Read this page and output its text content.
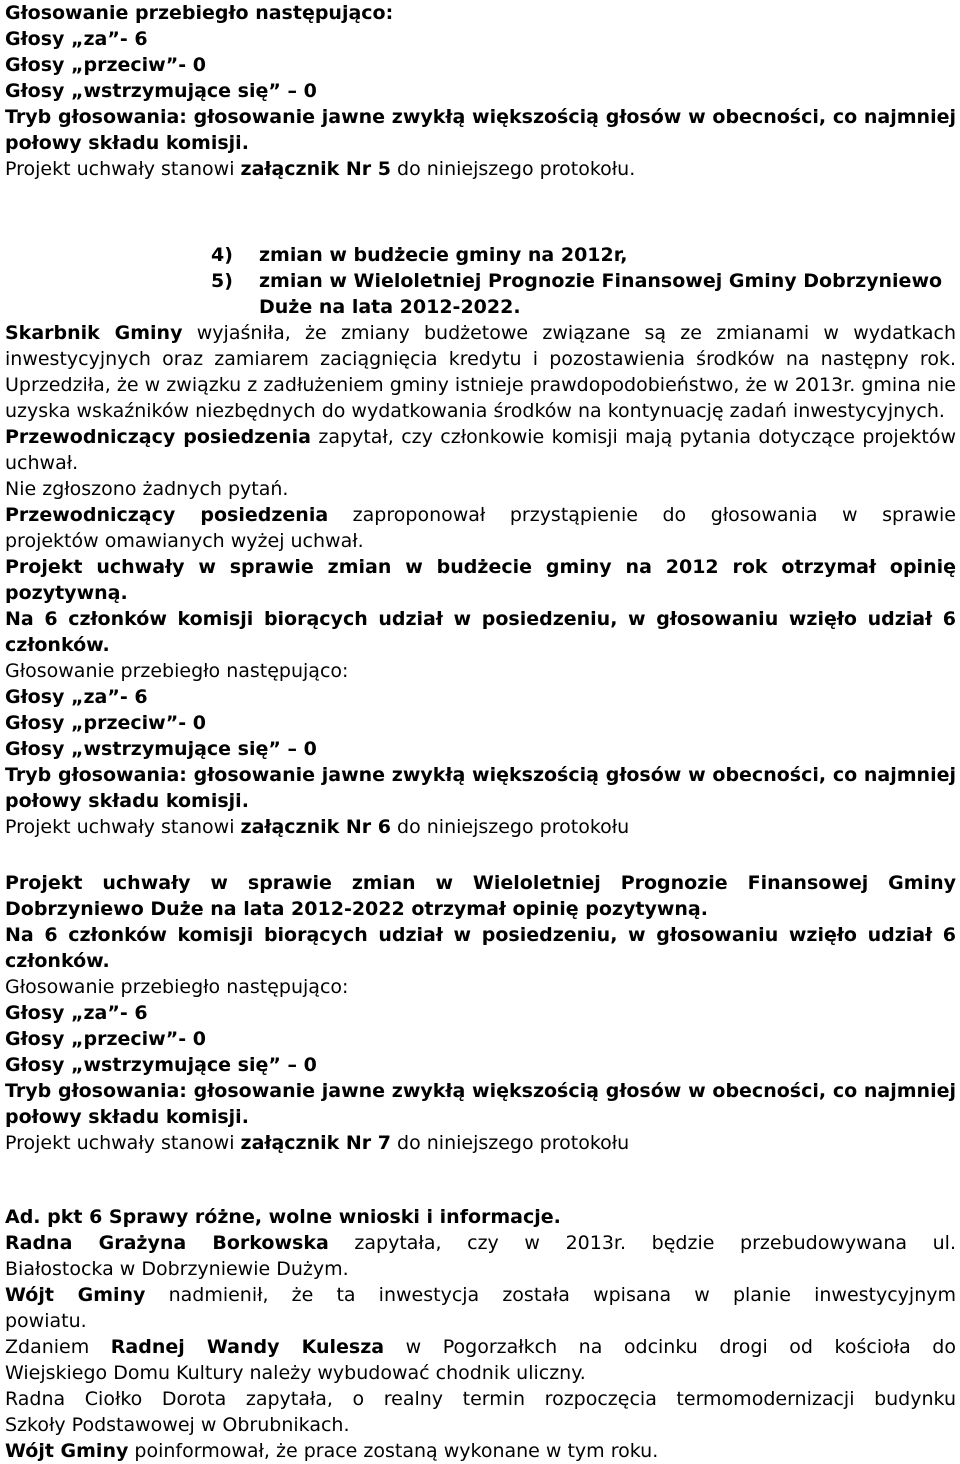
Głosowanie przebiegło następująco:
Głosy „za”- 6
Głosy „przeciw”- 0
Głosy „wstrzymujące się” – 0
Tryb głosowania: głosowanie jawne zwykłą większością głosów w obecności, co najmniej
połowy składu komisji.
Projekt uchwały stanowi załącznik Nr 5 do niniejszego protokołu.
4) zmian w budżecie gminy na 2012r,
5) zmian w Wieloletniej Prognozie Finansowej Gminy Dobrzyniewo
Duże na lata 2012-2022.
Skarbnik Gminy wyjaśniła, że zmiany budżetowe związane są ze zmianami w wydatkach
inwestycyjnych oraz zamiarem zaciągnięcia kredytu i pozostawienia środków na następny rok.
Uprzedziła, że w związku z zadłużeniem gminy istnieje prawdopodobieństwo, że w 2013r. gmina nie
uzyska wskaźników niezbędnych do wydatkowania środków na kontynuację zadań inwestycyjnych.
Przewodniczący posiedzenia zapytał, czy członkowie komisji mają pytania dotyczące projektów
uchwał.
Nie zgłoszono żadnych pytań.
Przewodniczący posiedzenia zaproponował przystąpienie do głosowania w sprawie
projektów omawianych wyżej uchwał.
Projekt uchwały w sprawie zmian w budżecie gminy na 2012 rok otrzymał opinię
pozytywną.
Na 6 członków komisji biorących udział w posiedzeniu, w głosowaniu wzięło udział 6
członków.
Głosowanie przebiegło następująco:
Głosy „za”- 6
Głosy „przeciw”- 0
Głosy „wstrzymujące się” – 0
Tryb głosowania: głosowanie jawne zwykłą większością głosów w obecności, co najmniej
połowy składu komisji.
Projekt uchwały stanowi załącznik Nr 6 do niniejszego protokołu
Projekt uchwały w sprawie zmian w Wieloletniej Prognozie Finansowej Gminy
Dobrzyniewo Duże na lata 2012-2022 otrzymał opinię pozytywną.
Na 6 członków komisji biorących udział w posiedzeniu, w głosowaniu wzięło udział 6
członków.
Głosowanie przebiegło następująco:
Głosy „za”- 6
Głosy „przeciw”- 0
Głosy „wstrzymujące się” – 0
Tryb głosowania: głosowanie jawne zwykłą większością głosów w obecności, co najmniej
połowy składu komisji.
Projekt uchwały stanowi załącznik Nr 7 do niniejszego protokołu
Ad. pkt 6 Sprawy różne, wolne wnioski i informacje.
Radna Grażyna Borkowska zapytała, czy w 2013r. będzie przebudowywana ul.
Białostocka w Dobrzyniewie Dużym.
Wójt Gminy nadmienił, że ta inwestycja została wpisana w planie inwestycyjnym
powiatu.
Zdaniem Radnej Wandy Kulesza w Pogorzałkch na odcinku drogi od kościoła do
Wiejskiego Domu Kultury należy wybudować chodnik uliczny.
Radna Ciołko Dorota zapytała, o realny termin rozpoczęcia termomodernizacji budynku
Szkoły Podstawowej w Obrubnikach.
Wójt Gminy poinformował, że prace zostaną wykonane w tym roku.
